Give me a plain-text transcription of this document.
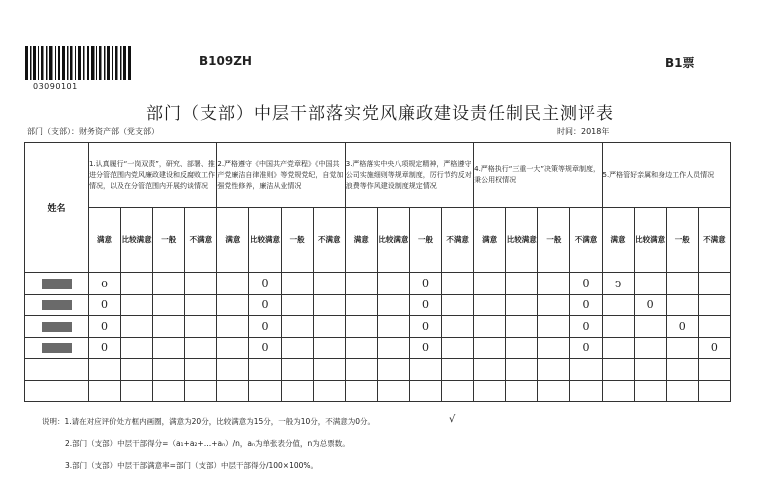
03090101
B109ZH	B1票
部门（支部）中层干部落实党风廉政建设责任制民主测评表
部门（支部）：财务资产部（党支部）	时间：2018年
姓名	1.认真履行“一岗双责”，研究、部署、推进分管范围内党风廉政建设和反腐败工作情况，以及在分管范围内开展约谈情况				2.严格遵守《中国共产党章程》《中国共产党廉洁自律准则》等党规党纪，自觉加强党性修养，廉洁从业情况				3.严格落实中央八项规定精神，严格遵守公司实施细则等规章制度，厉行节约反对浪费等作风建设制度规定情况				4.严格执行“三重一大”决策等规章制度，秉公用权情况				5.严格管好亲属和身边工作人员情况			
	满意	比较满意	一般	不满意	满意	比较满意	一般	不满意	满意	比较满意	一般	不满意	满意	比较满意	一般	不满意	满意	比较满意	一般	不满意
	o					0					0					0	ↄ			
	0					0					0					0		0		
	0					0					0					0			0	
	0					0					0					0				0

说明：1.请在对应评价处方框内画圈，满意为20分，比较满意为15分，一般为10分，不满意为0分。	√
2.部门（支部）中层干部得分=（a₁+a₂+…+aₙ）/n，aₙ为单张表分值，n为总票数。
3.部门（支部）中层干部满意率=部门（支部）中层干部得分/100×100%。
